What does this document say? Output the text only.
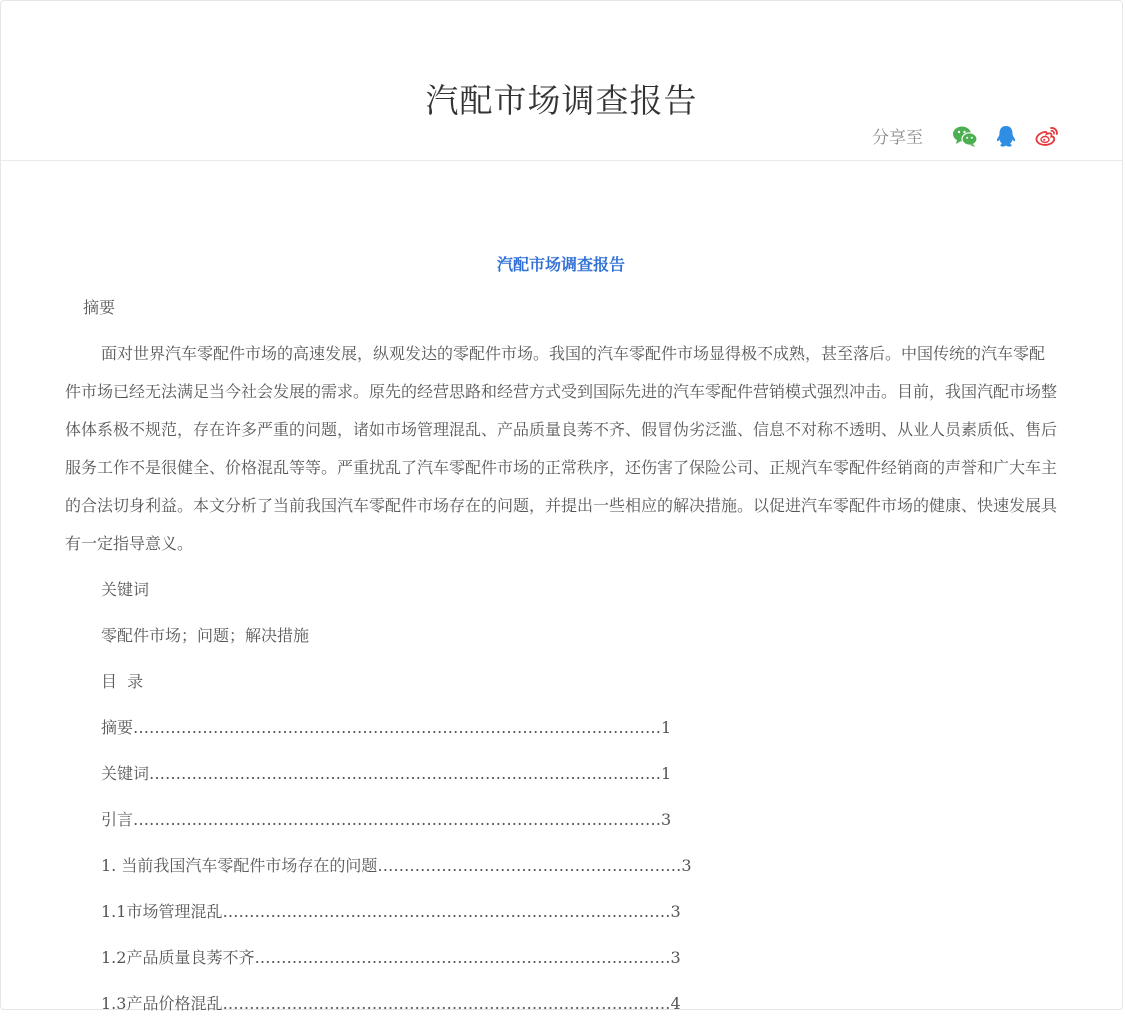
汽配市场调查报告
分享至
汽配市场调查报告

摘要

面对世界汽车零配件市场的高速发展，纵观发达的零配件市场。我国的汽车零配件市场显得极不成熟，甚至落后。中国传统的汽车零配件市场已经无法满足当今社会发展的需求。原先的经营思路和经营方式受到国际先进的汽车零配件营销模式强烈冲击。目前，我国汽配市场整体体系极不规范，存在许多严重的问题，诸如市场管理混乱、产品质量良莠不齐、假冒伪劣泛滥、信息不对称不透明、从业人员素质低、售后服务工作不是很健全、价格混乱等等。严重扰乱了汽车零配件市场的正常秩序，还伤害了保险公司、正规汽车零配件经销商的声誉和广大车主的合法切身利益。本文分析了当前我国汽车零配件市场存在的问题，并提出一些相应的解决措施。以促进汽车零配件市场的健康、快速发展具有一定指导意义。

关键词

零配件市场；问题；解决措施

目  录

摘要………………………………………………………………………………………1
关键词……………………………………………………………………………………1
引言………………………………………………………………………………………3
1. 当前我国汽车零配件市场存在的问题…………………………………………………3
1.1市场管理混乱…………………………………………………………………………3
1.2产品质量良莠不齐……………………………………………………………………3
1.3产品价格混乱…………………………………………………………………………4
